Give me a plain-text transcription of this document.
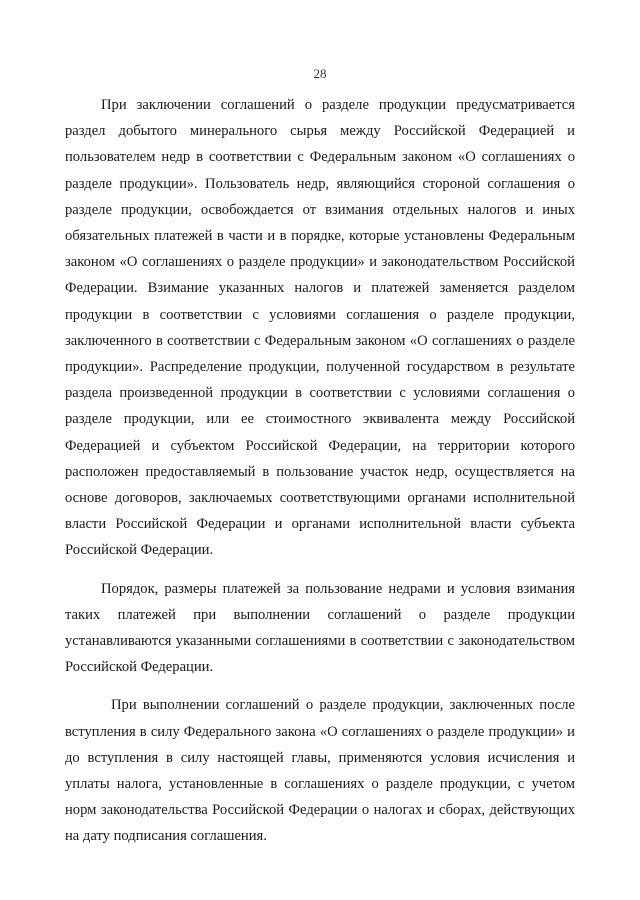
28

При заключении соглашений о разделе продукции предусматривается раздел добытого минерального сырья между Российской Федерацией и пользователем недр в соответствии с Федеральным законом «О соглашениях о разделе продукции». Пользователь недр, являющийся стороной соглашения о разделе продукции, освобождается от взимания отдельных налогов и иных обязательных платежей в части и в порядке, которые установлены Федеральным законом «О соглашениях о разделе продукции» и законодательством Российской Федерации. Взимание указанных налогов и платежей заменяется разделом продукции в соответствии с условиями соглашения о разделе продукции, заключенного в соответствии с Федеральным законом «О соглашениях о разделе продукции». Распределение продукции, полученной государством в результате раздела произведенной продукции в соответствии с условиями соглашения о разделе продукции, или ее стоимостного эквивалента между Российской Федерацией и субъектом Российской Федерации, на территории которого расположен предоставляемый в пользование участок недр, осуществляется на основе договоров, заключаемых соответствующими органами исполнительной власти Российской Федерации и органами исполнительной власти субъекта Российской Федерации.

Порядок, размеры платежей за пользование недрами и условия взимания таких платежей при выполнении соглашений о разделе продукции устанавливаются указанными соглашениями в соответствии с законодательством Российской Федерации.

При выполнении соглашений о разделе продукции, заключенных после вступления в силу Федерального закона «О соглашениях о разделе продукции» и до вступления в силу настоящей главы, применяются условия исчисления и уплаты налога, установленные в соглашениях о разделе продукции, с учетом норм законодательства Российской Федерации о налогах и сборах, действующих на дату подписания соглашения.
